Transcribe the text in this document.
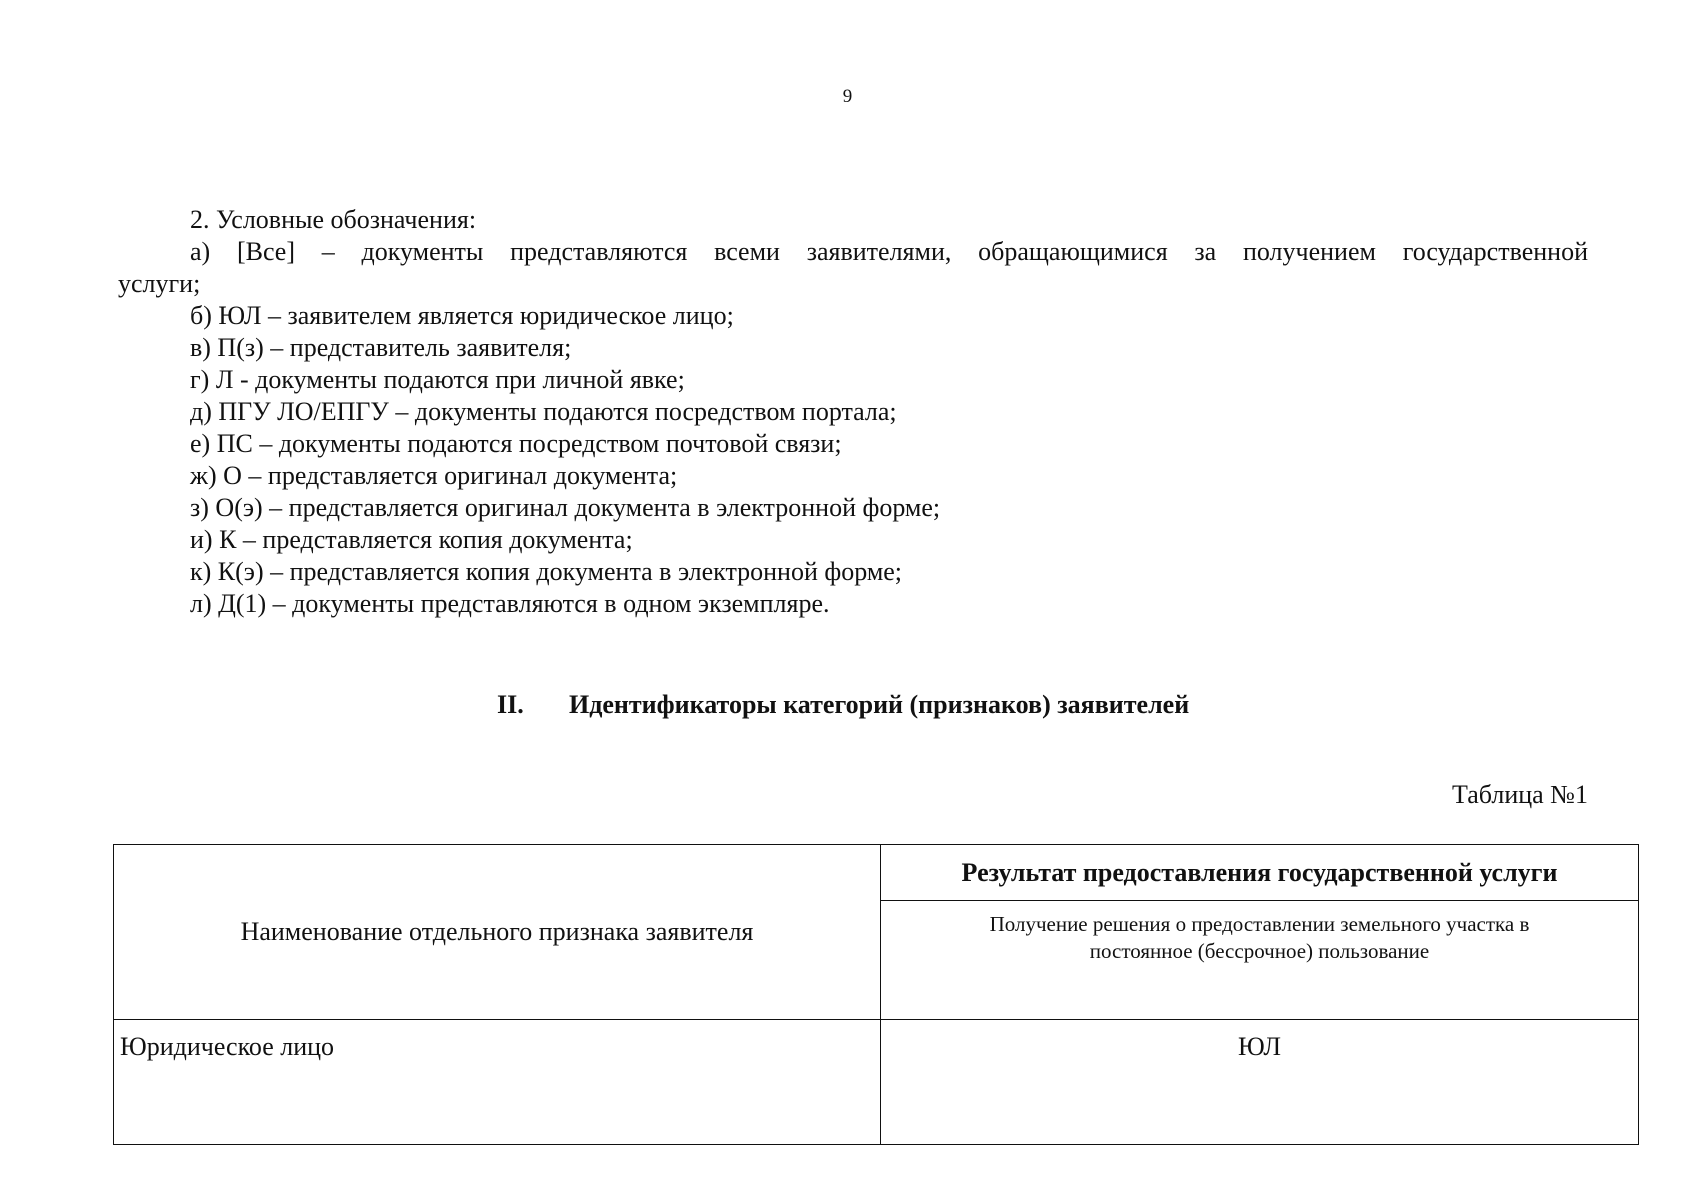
9
2. Условные обозначения:
а) [Все] – документы представляются всеми заявителями, обращающимися за получением государственной
услуги;
б) ЮЛ – заявителем является юридическое лицо;
в) П(з) – представитель заявителя;
г) Л - документы подаются при личной явке;
д) ПГУ ЛО/ЕПГУ – документы подаются посредством портала;
е) ПС – документы подаются посредством почтовой связи;
ж) О – представляется оригинал документа;
з) О(э) – представляется оригинал документа в электронной форме;
и) К – представляется копия документа;
к) К(э) – представляется копия документа в электронной форме;
л) Д(1) – документы представляются в одном экземпляре.
II. Идентификаторы категорий (признаков) заявителей
Таблица №1
Наименование отдельного признака заявителя	Результат предоставления государственной услуги

	Получение решения о предоставлении земельного участка в
постоянное (бессрочное) пользование

Юридическое лицо	ЮЛ
